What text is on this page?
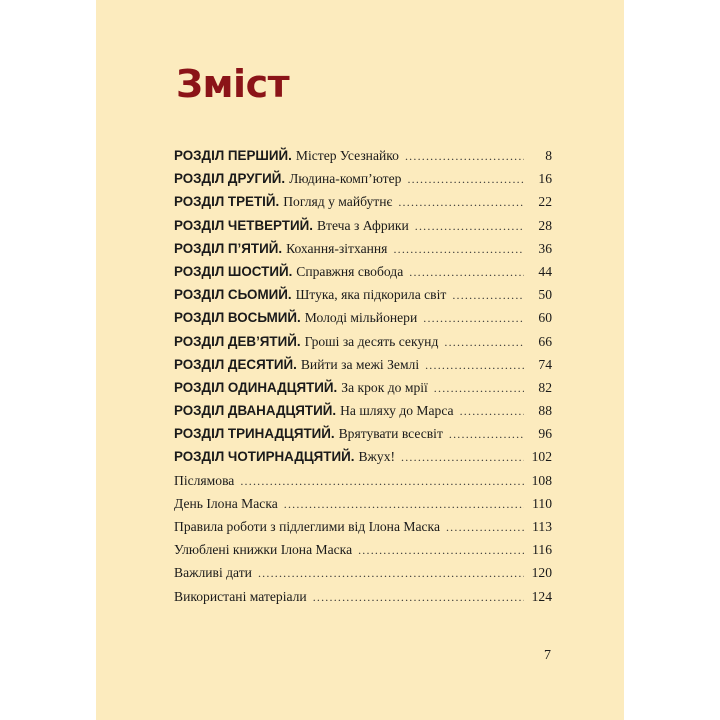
Зміст
РОЗДІЛ ПЕРШИЙ. Містер Усезнайко .....	8
РОЗДІЛ ДРУГИЙ. Людина-комп’ютер .....	16
РОЗДІЛ ТРЕТІЙ. Погляд у майбутнє .....	22
РОЗДІЛ ЧЕТВЕРТИЙ. Втеча з Африки .....	28
РОЗДІЛ П’ЯТИЙ. Кохання-зітхання .....	36
РОЗДІЛ ШОСТИЙ. Справжня свобода .....	44
РОЗДІЛ СЬОМИЙ. Штука, яка підкорила світ .....	50
РОЗДІЛ ВОСЬМИЙ. Молоді мільйонери .....	60
РОЗДІЛ ДЕВ’ЯТИЙ. Гроші за десять секунд .....	66
РОЗДІЛ ДЕСЯТИЙ. Вийти за межі Землі .....	74
РОЗДІЛ ОДИНАДЦЯТИЙ. За крок до мрії .....	82
РОЗДІЛ ДВАНАДЦЯТИЙ. На шляху до Марса .....	88
РОЗДІЛ ТРИНАДЦЯТИЙ. Врятувати всесвіт .....	96
РОЗДІЛ ЧОТИРНАДЦЯТИЙ. Вжух! .....	102
Післямова .....	108
День Ілона Маска .....	110
Правила роботи з підлеглими від Ілона Маска .....	113
Улюблені книжки Ілона Маска .....	116
Важливі дати .....	120
Використані матеріали .....	124
7
